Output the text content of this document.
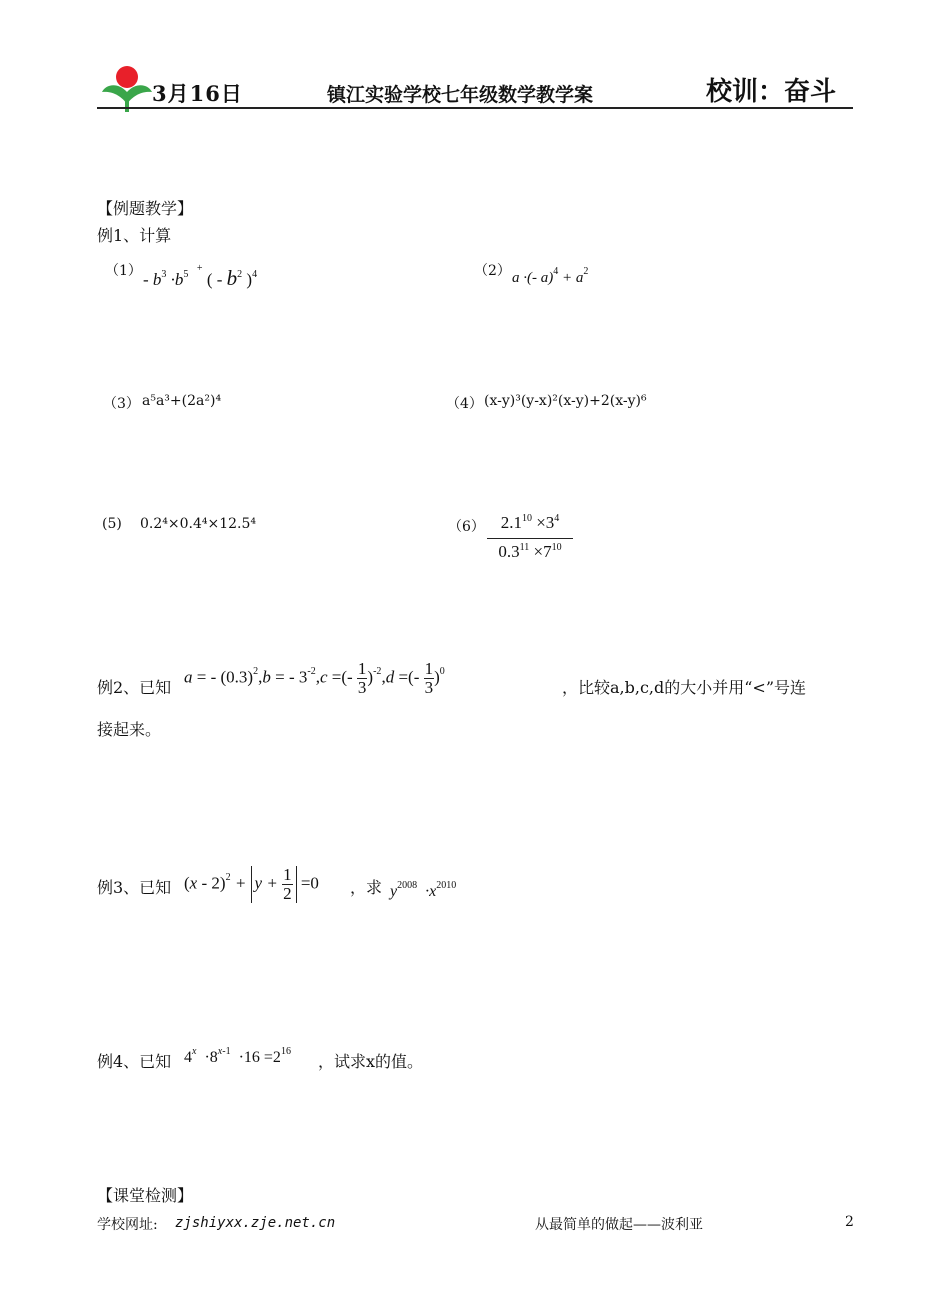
3月16日	镇江实验学校七年级数学教学案	校训：奋斗
【例题教学】
例1、计算
$(1) - b^3 \cdot b^5$  + ( - $b^2$ )$^4$	（2） a ·(- $a)^4 + a^2$
（3） a⁵a³+(2a²)⁴	（4） (x-y)³(y-x)²(x-y)+2(x-y)⁶
(5) 0.2⁴×0.4⁴×12.5⁴	$(6) \frac{2.1^{10} \times 3^4}{0.3^{11} \times 7^{10}}$
例2、已知
a = - $(0.3)^2,b$ = - $3^{-2},c$ =(- $\frac{1}{3} )^{-2},d$ =(- $\frac{1}{3} )^0$
，比较a,b,c,d的大小并用“<”号连
接起来。
例3、已知 $(x - 2)^2 + y + \frac{1}{2} =0$ ，求 $y^{2008} \cdot x^{2010}$
例4、已知 $4^x \cdot 8^{x-1} \cdot 16 =2^{16}$
，试求x的值。
【课堂检测】
学校网址: zjshiyxx.zje.net.cn	从最简单的做起——波利亚	2
